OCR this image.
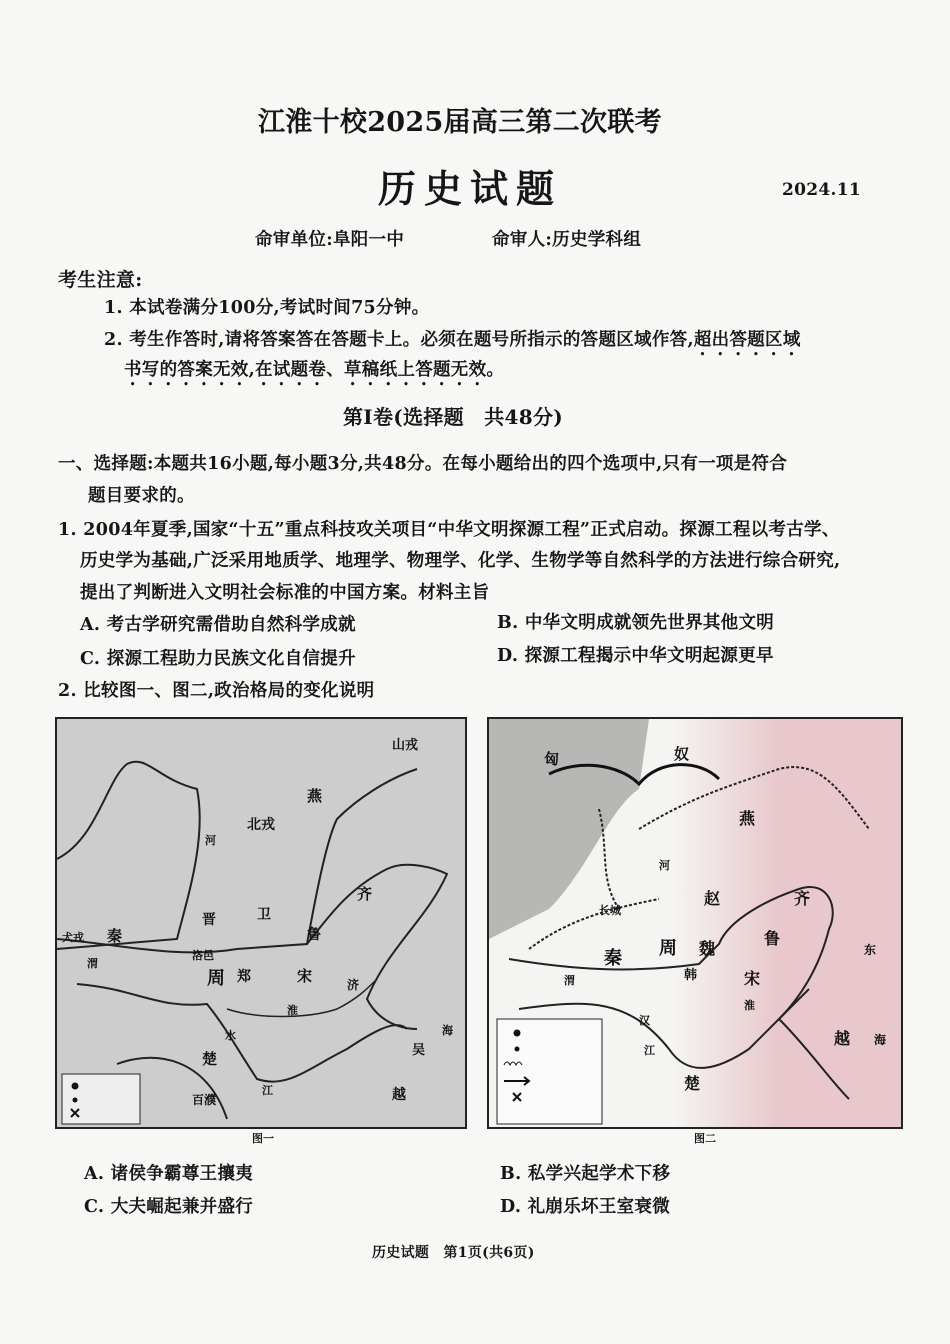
江淮十校2025届高三第二次联考
历史试题	2024.11
命审单位:阜阳一中	命审人:历史学科组
考生注意:
1. 本试卷满分100分,考试时间75分钟。
2. 考生作答时,请将答案答在答题卡上。必须在题号所指示的答题区域作答,超出答题区域
书写的答案无效,在试题卷、草稿纸上答题无效。
第Ⅰ卷(选择题　共48分)
一、选择题:本题共16小题,每小题3分,共48分。在每小题给出的四个选项中,只有一项是符合
题目要求的。
1. 2004年夏季,国家“十五”重点科技攻关项目“中华文明探源工程”正式启动。探源工程以考古学、
历史学为基础,广泛采用地质学、地理学、物理学、化学、生物学等自然科学的方法进行综合研究,
提出了判断进入文明社会标准的中国方案。材料主旨
A. 考古学研究需借助自然科学成就	B. 中华文明成就领先世界其他文明
C. 探源工程助力民族文化自信提升	D. 探源工程揭示中华文明起源更早
2. 比较图一、图二,政治格局的变化说明
山戎
燕
北戎
河
齐
晋	卫
秦
犬戎
渭
洛邑
周 郑	宋
鲁
楚	吴
越
百濮
江
水
淮
济
海
图一
匈	奴
燕
齐
赵
魏
韩
秦 周
宋
鲁
楚
越
东
海
长城
河
渭
江
汉
淮
图二
A. 诸侯争霸尊王攘夷	B. 私学兴起学术下移
C. 大夫崛起兼并盛行	D. 礼崩乐坏王室衰微
历史试题　第1页(共6页)
